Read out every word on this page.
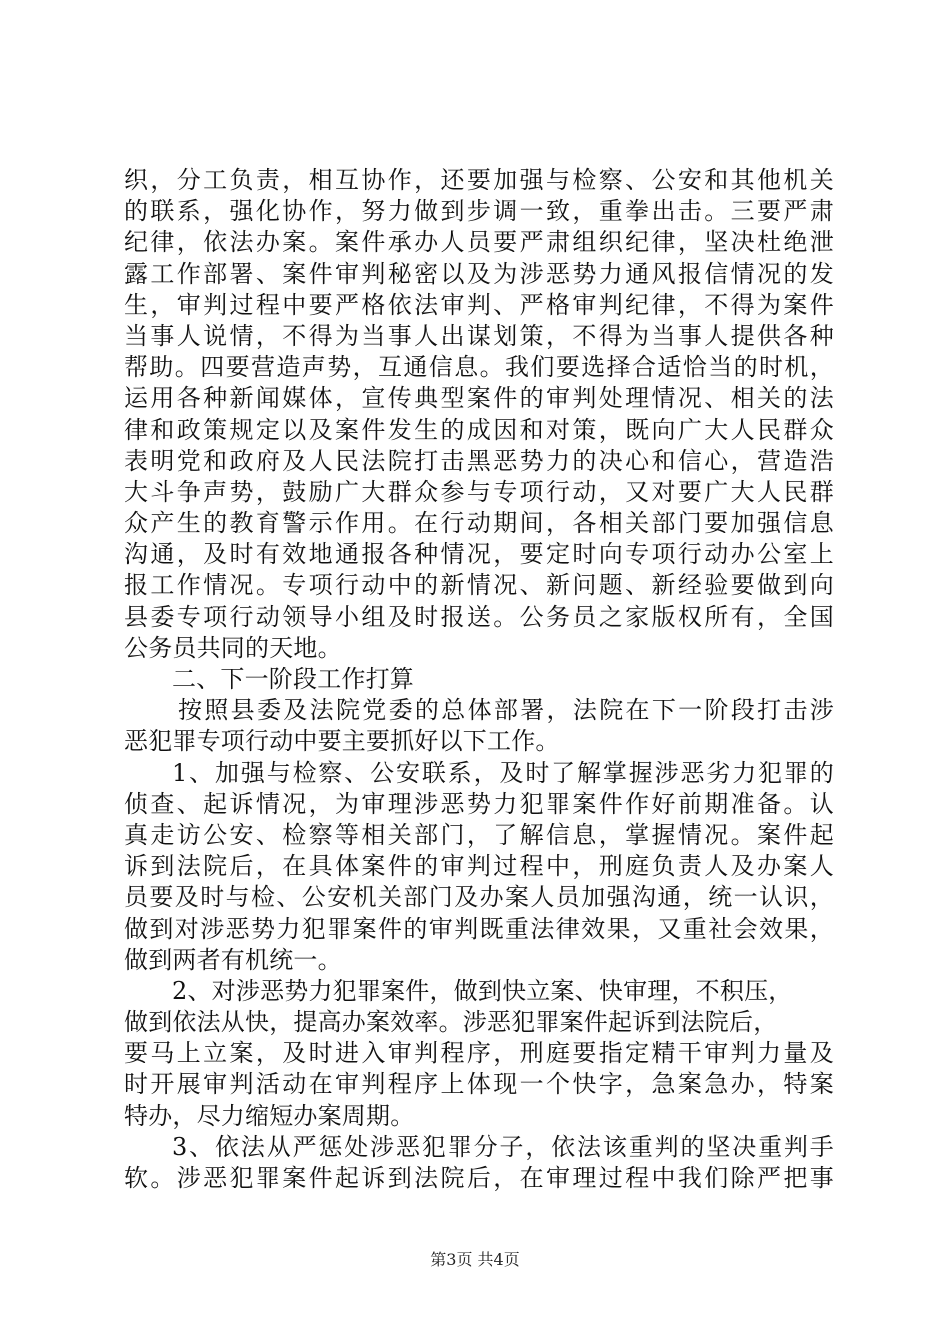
织，分工负责，相互协作，还要加强与检察、公安和其他机关
的联系，强化协作，努力做到步调一致，重拳出击。三要严肃
纪律，依法办案。案件承办人员要严肃组织纪律，坚决杜绝泄
露工作部署、案件审判秘密以及为涉恶势力通风报信情况的发
生，审判过程中要严格依法审判、严格审判纪律，不得为案件
当事人说情，不得为当事人出谋划策，不得为当事人提供各种
帮助。四要营造声势，互通信息。我们要选择合适恰当的时机，
运用各种新闻媒体，宣传典型案件的审判处理情况、相关的法
律和政策规定以及案件发生的成因和对策，既向广大人民群众
表明党和政府及人民法院打击黑恶势力的决心和信心，营造浩
大斗争声势，鼓励广大群众参与专项行动，又对要广大人民群
众产生的教育警示作用。在行动期间，各相关部门要加强信息
沟通，及时有效地通报各种情况，要定时向专项行动办公室上
报工作情况。专项行动中的新情况、新问题、新经验要做到向
县委专项行动领导小组及时报送。公务员之家版权所有，全国
公务员共同的天地。
二、下一阶段工作打算
按照县委及法院党委的总体部署，法院在下一阶段打击涉
恶犯罪专项行动中要主要抓好以下工作。
1、加强与检察、公安联系，及时了解掌握涉恶劣力犯罪的
侦查、起诉情况，为审理涉恶势力犯罪案件作好前期准备。认
真走访公安、检察等相关部门，了解信息，掌握情况。案件起
诉到法院后，在具体案件的审判过程中，刑庭负责人及办案人
员要及时与检、公安机关部门及办案人员加强沟通，统一认识，
做到对涉恶势力犯罪案件的审判既重法律效果，又重社会效果，
做到两者有机统一。
2、对涉恶势力犯罪案件，做到快立案、快审理，不积压，
做到依法从快，提高办案效率。涉恶犯罪案件起诉到法院后，
要马上立案，及时进入审判程序，刑庭要指定精干审判力量及
时开展审判活动在审判程序上体现一个快字，急案急办，特案
特办，尽力缩短办案周期。
3、依法从严惩处涉恶犯罪分子，依法该重判的坚决重判手
软。涉恶犯罪案件起诉到法院后，在审理过程中我们除严把事
第3页 共4页
